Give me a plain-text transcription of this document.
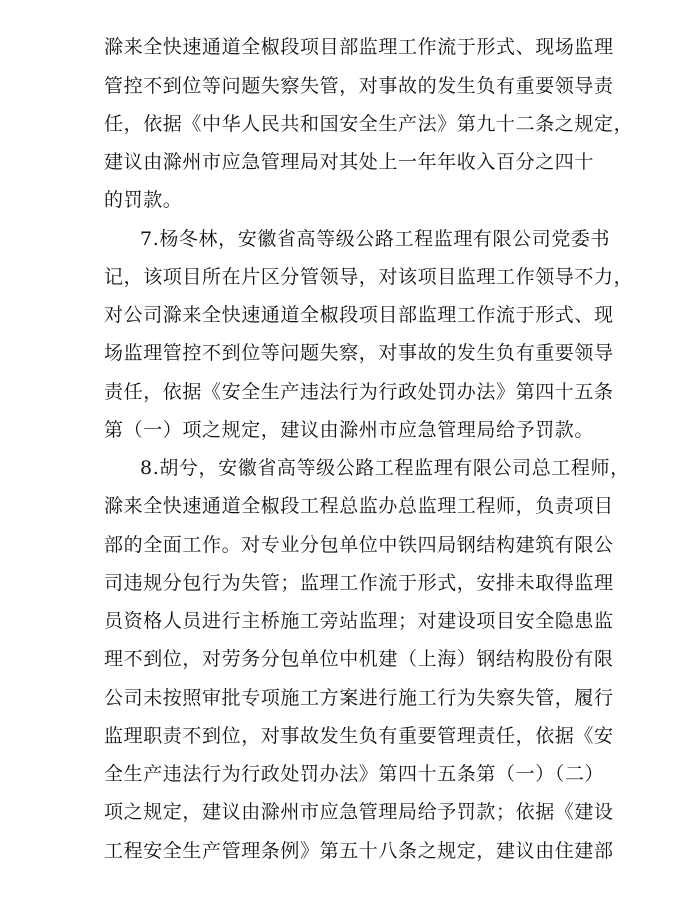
滁来全快速通道全椒段项目部监理工作流于形式、现场监理
管控不到位等问题失察失管，对事故的发生负有重要领导责
任，依据《中华人民共和国安全生产法》第九十二条之规定，
建议由滁州市应急管理局对其处上一年年收入百分之四十
的罚款。
7.杨冬林，安徽省高等级公路工程监理有限公司党委书
记，该项目所在片区分管领导，对该项目监理工作领导不力，
对公司滁来全快速通道全椒段项目部监理工作流于形式、现
场监理管控不到位等问题失察，对事故的发生负有重要领导
责任，依据《安全生产违法行为行政处罚办法》第四十五条
第（一）项之规定，建议由滁州市应急管理局给予罚款。
8.胡兮，安徽省高等级公路工程监理有限公司总工程师，
滁来全快速通道全椒段工程总监办总监理工程师，负责项目
部的全面工作。对专业分包单位中铁四局钢结构建筑有限公
司违规分包行为失管；监理工作流于形式，安排未取得监理
员资格人员进行主桥施工旁站监理；对建设项目安全隐患监
理不到位，对劳务分包单位中机建（上海）钢结构股份有限
公司未按照审批专项施工方案进行施工行为失察失管，履行
监理职责不到位，对事故发生负有重要管理责任，依据《安
全生产违法行为行政处罚办法》第四十五条第（一）（二）
项之规定，建议由滁州市应急管理局给予罚款；依据《建设
工程安全生产管理条例》第五十八条之规定，建议由住建部
